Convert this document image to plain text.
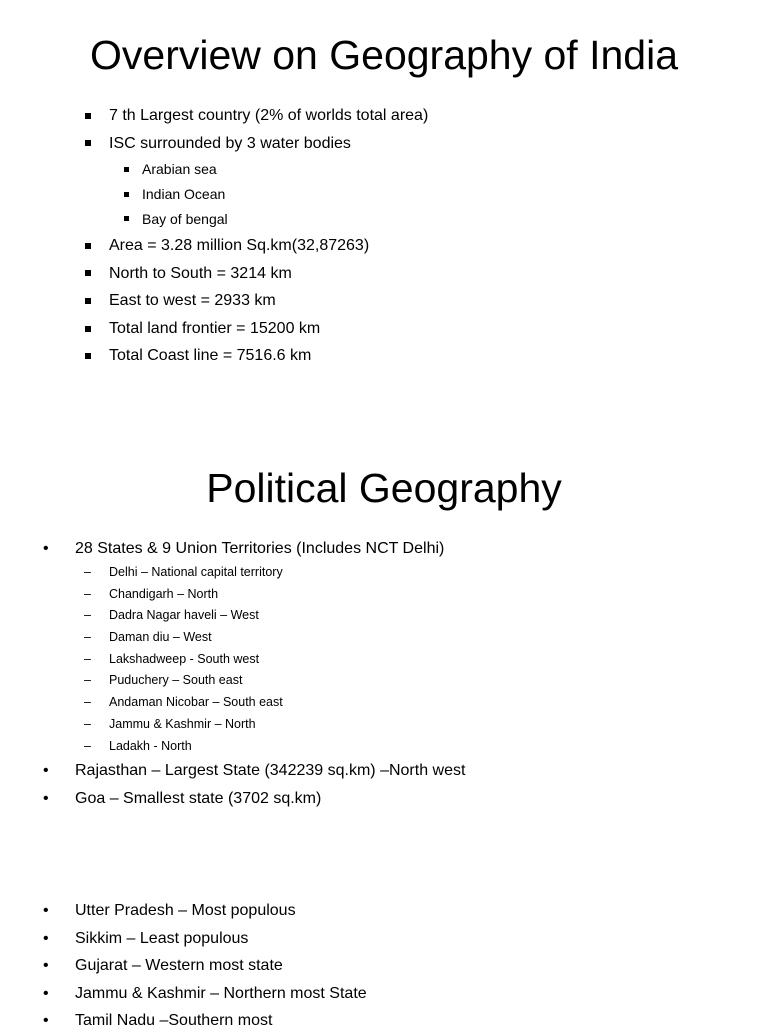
Overview on Geography of India
7 th Largest country (2% of worlds total area)
ISC surrounded by 3 water bodies
Arabian sea
Indian Ocean
Bay of bengal
Area = 3.28 million Sq.km(32,87263)
North to South = 3214 km
East to west = 2933 km
Total land frontier = 15200 km
Total Coast line = 7516.6 km
Political Geography
• 28 States & 9 Union Territories (Includes NCT Delhi)
– Delhi – National capital territory
– Chandigarh – North
– Dadra Nagar haveli – West
– Daman diu – West
– Lakshadweep - South west
– Puduchery – South east
– Andaman Nicobar – South east
– Jammu & Kashmir – North
– Ladakh - North
• Rajasthan – Largest State (342239 sq.km) –North west
• Goa – Smallest state (3702 sq.km)
• Utter Pradesh – Most populous
• Sikkim – Least populous
• Gujarat – Western most state
• Jammu & Kashmir – Northern most State
• Tamil Nadu –Southern most
